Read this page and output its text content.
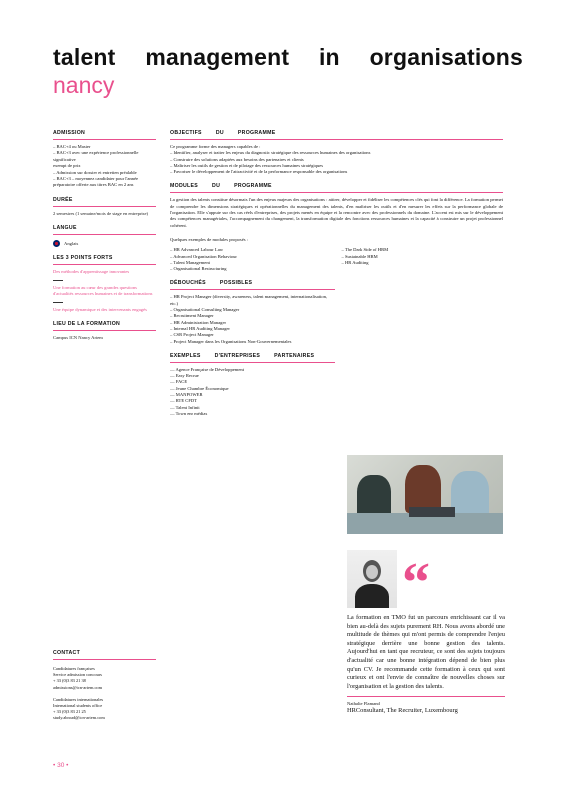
talent management in organisations
nancy
ADMISSION
– BAC+4 ou Master
– BAC+3 avec une expérience professionnelle significative
exempt de prix
– Admission sur dossier et entretien préalable
– BAC+3 – moyennez candidater pour l'année préparatoire offerte aux titres BAC en 2 ans
DURÉE
2 semestres (1 semaine/mois de stage en entreprise)
LANGUE
Anglais
LES 3 POINTS FORTS
Des méthodes d'apprentissage innovantes
Une formation au cœur des grandes questions d'actualités ressources humaines et de transformations
Une équipe dynamique et des intervenants engagés
LIEU DE LA FORMATION
Campus ICN Nancy Artem
CONTACT

Candidatures françaises

Service admission concours

+ 33 (0)3 83 21 38

admissions@icn-artem.com

Candidatures internationales

International students office

+ 33 (0)3 83 21 25

study.abroad@icn-artem.com

• 30 •
OBJECTIFS	DU	PROGRAMME

Ce programme forme des managers capables de :

– Identifier, analyser et traiter les enjeux du diagnostic stratégique des ressources humaines des organisations
– Construire des solutions adaptées aux besoins des partenaires et clients
– Maîtriser les outils de gestion et de pilotage des ressources humaines stratégiques
– Favoriser le développement de l'attractivité et de la performance responsable des organisations
MODULES	DU	PROGRAMME

La gestion des talents constitue désormais l'un des enjeux majeurs des organisations : attirer, développer et fidéliser les compétences clés qui font la différence. La formation permet de comprendre les dimensions stratégiques et opérationnelles du management des talents, d'en maîtriser les outils et d'en mesurer les effets sur la performance globale de l'organisation. Elle s'appuie sur des cas réels d'entreprises, des projets menés en équipe et la rencontre avec des professionnels du domaine. L'accent est mis sur le développement des compétences managériales, l'accompagnement du changement, la transformation digitale des fonctions ressources humaines et la capacité à construire un projet professionnel cohérent.

Quelques exemples de modules proposés :

– HR Advanced Labour Law
– Advanced Organisation Behaviour
– Talent Management
– Organisational Restructuring
– The Dark Side of HRM
– Sustainable HRM
– HR Auditing
DÉBOUCHÉS	POSSIBLES
– HR Project Manager (diversity, awareness, talent management, internationalisation, etc.)
– Organisational Consulting Manager
– Recruitment Manager
– HR Administration Manager
– Internal HR Auditing Manager
– CSR Project Manager
– Project Manager dans les Organisations Non-Gouvernementales
EXEMPLES	D'ENTREPRISES	PARTENAIRES
— Agence Française de Développement
— Easy Recrue
— FACE
— Jeune Chambre Économique
— MANPOWER
— RTE CFDT
— Talent Infinit
— Town enr médias
“

La formation en TMO fut un parcours enrichissant car il va bien au-delà des sujets purement RH. Nous avons abordé une multitude de thèmes qui m'ont permis de comprendre l'enjeu stratégique derrière une bonne gestion des talents. Aujourd'hui en tant que recruteur, ce sont des sujets toujours d'actualité car une bonne intégration dépend de bien plus qu'un CV. Je recommande cette formation à ceux qui sont curieux et ont l'envie de connaître de nouvelles choses sur l'organisation et la gestion des talents.

Nathalie Flamand
HRConsultant, The Recruiter, Luxembourg
